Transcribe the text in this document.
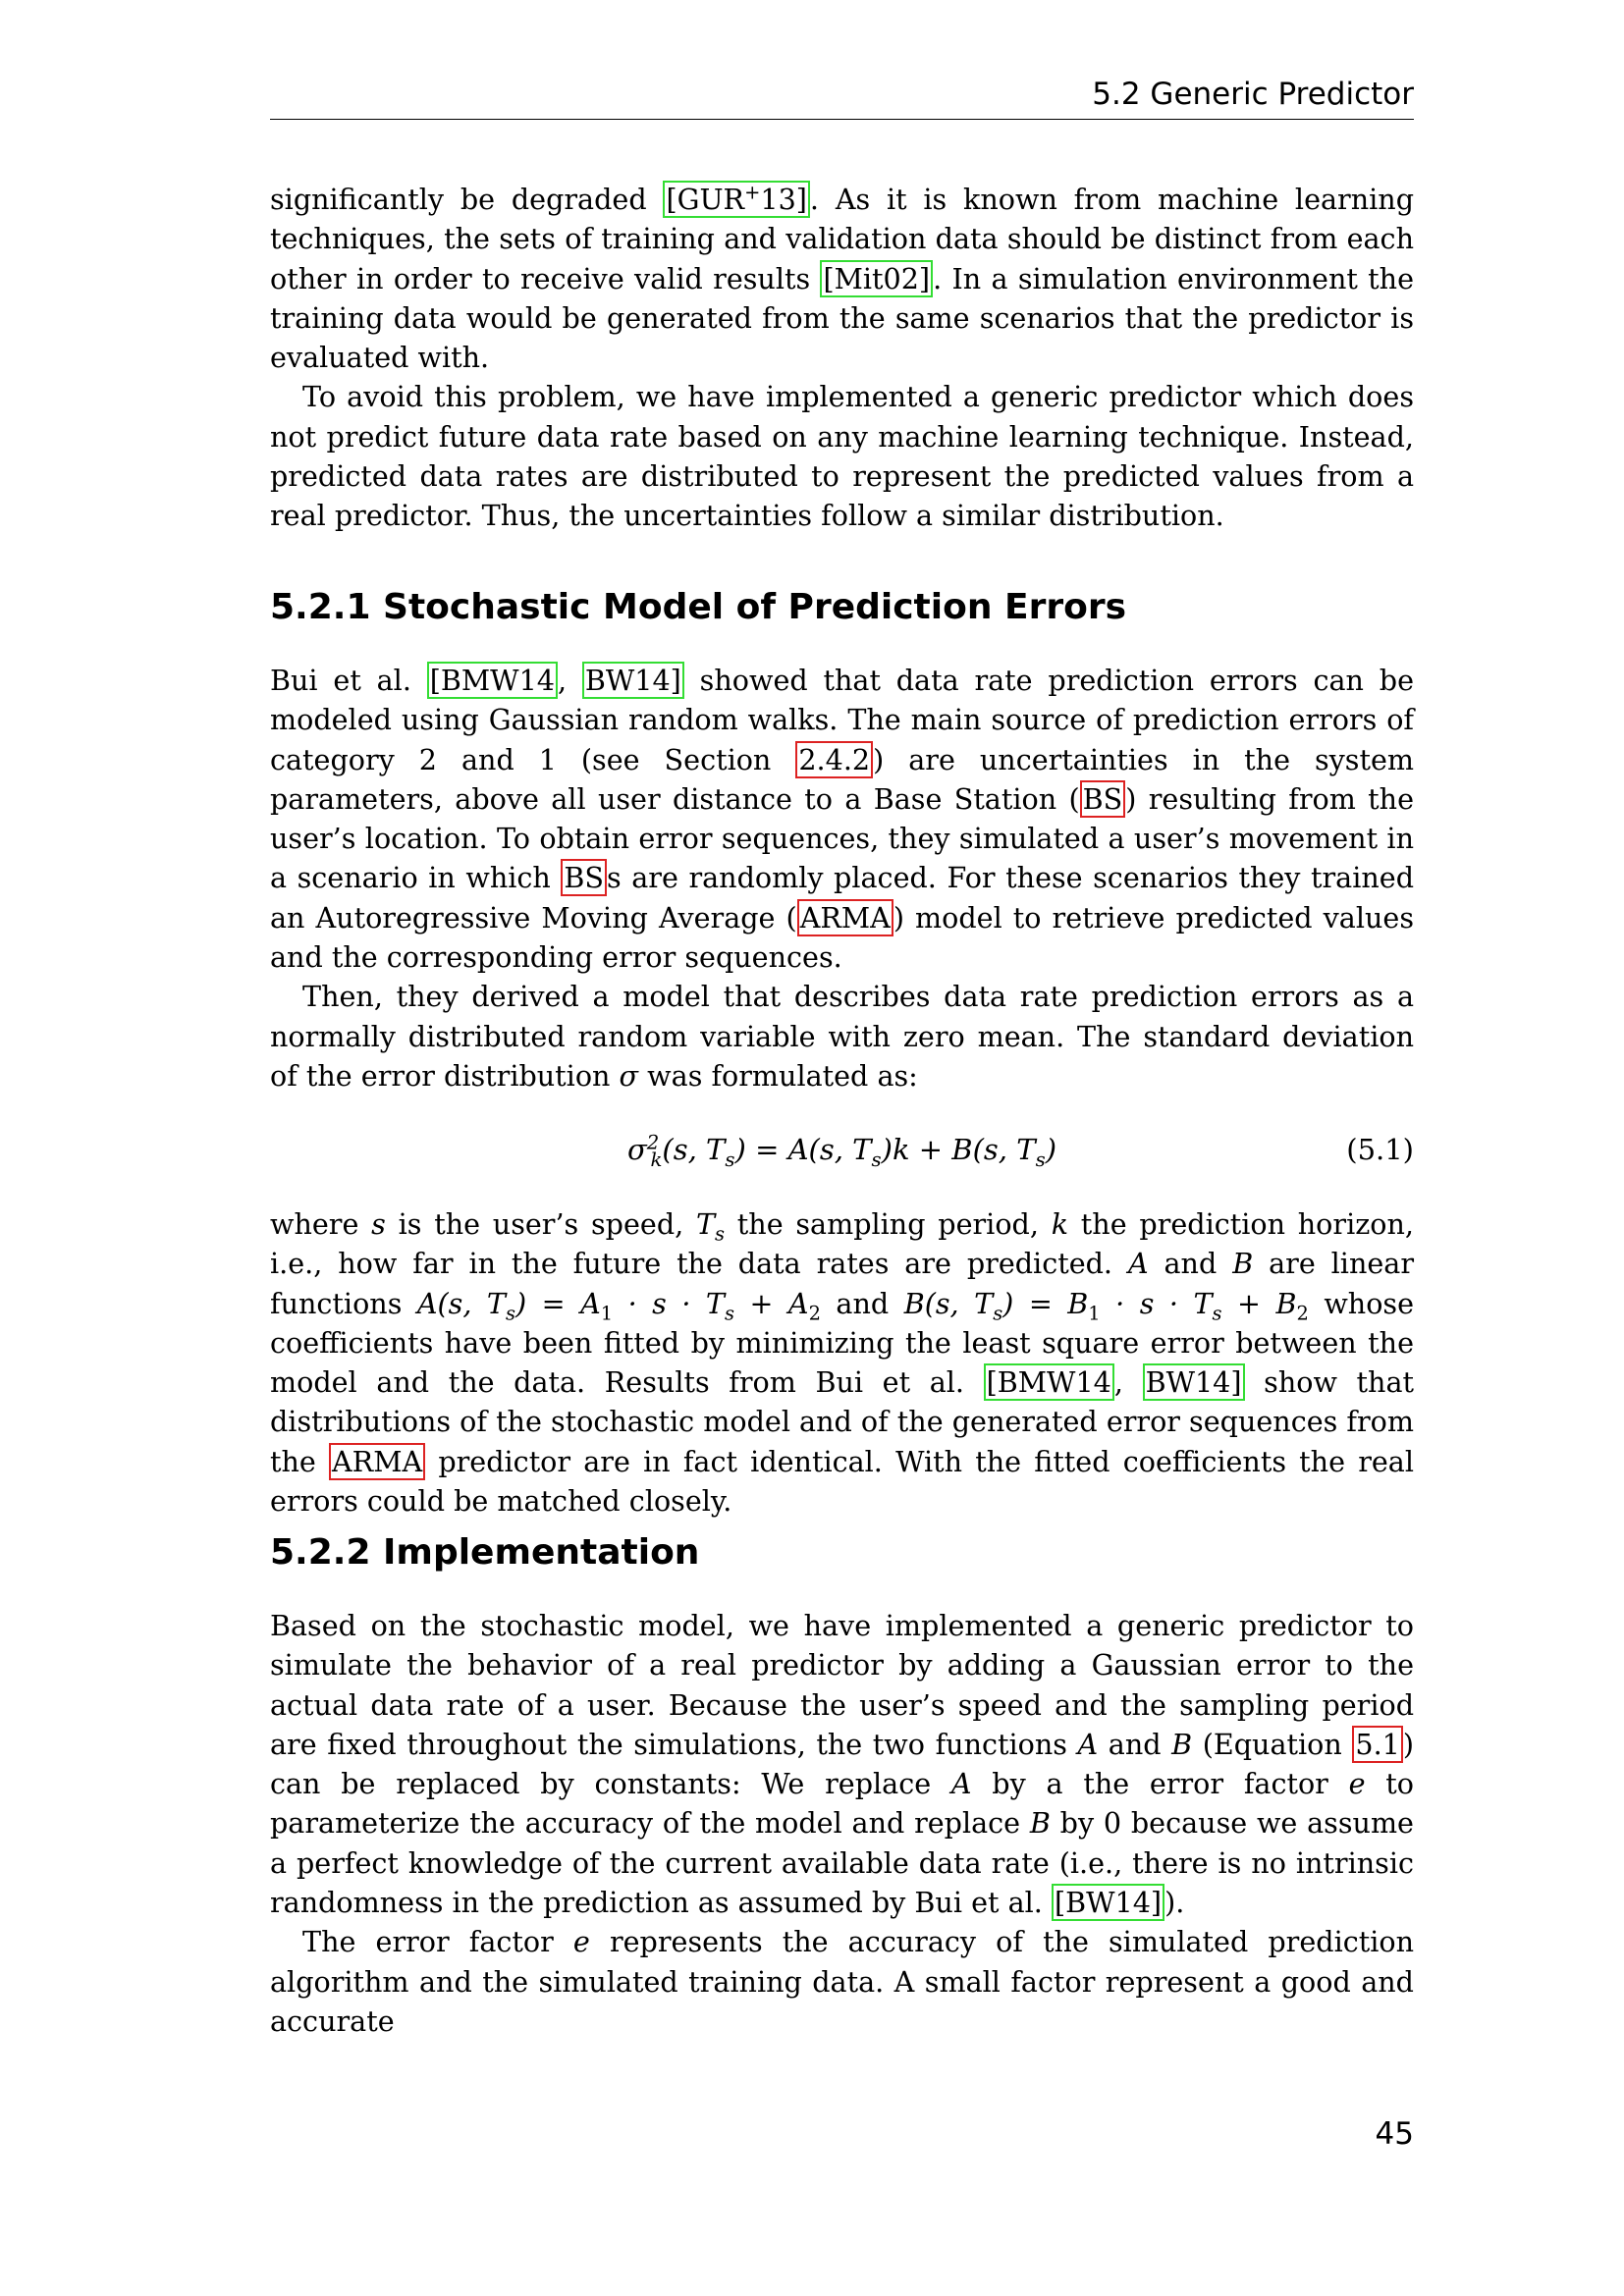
5.2 Generic Predictor

significantly be degraded [GUR+13] . As it is known from machine learning techniques, the sets of training and validation data should be distinct from each other in order to receive valid results [Mit02] . In a simulation environment the training data would be generated from the same scenarios that the predictor is evaluated with.

To avoid this problem, we have implemented a generic predictor which does not predict future data rate based on any machine learning technique. Instead, predicted data rates are distributed to represent the predicted values from a real predictor. Thus, the uncertainties follow a similar distribution.

5.2.1 Stochastic Model of Prediction Errors

Bui et al. [BMW14 , BW14] showed that data rate prediction errors can be modeled using Gaussian random walks. The main source of prediction errors of category 2 and 1 (see Section 2.4.2 ) are uncertainties in the system parameters, above all user distance to a Base Station ( BS ) resulting from the user’s location. To obtain error sequences, they simulated a user’s movement in a scenario in which BS s are randomly placed. For these scenarios they trained an Autoregressive Moving Average ( ARMA ) model to retrieve predicted values and the corresponding error sequences.

Then, they derived a model that describes data rate prediction errors as a normally distributed random variable with zero mean. The standard deviation of the error distribution σ was formulated as:

$\sigma^2_k(s$, $T_s) = A(s$, $T_s)k + B(s$, $T_s$)	(5.1)

where s is the user’s speed, $T_s$ the sampling period, k the prediction horizon, i.e., how far in the future the data rates are predicted. A and B are linear functions A(s, $T_s) = A_1 \cdot s \cdot T_s + A_2$ and B(s, $T_s) = B_1 \cdot s \cdot T_s + B_2$ whose coefficients have been fitted by minimizing the least square error between the model and the data. Results from Bui et al. [BMW14 , BW14] show that distributions of the stochastic model and of the generated error sequences from the ARMA predictor are in fact identical. With the fitted coefficients the real errors could be matched closely.

5.2.2 Implementation

Based on the stochastic model, we have implemented a generic predictor to simulate the behavior of a real predictor by adding a Gaussian error to the actual data rate of a user. Because the user’s speed and the sampling period are fixed throughout the simulations, the two functions A and B (Equation 5.1 ) can be replaced by constants: We replace A by a the error factor e to parameterize the accuracy of the model and replace B by 0 because we assume a perfect knowledge of the current available data rate (i.e., there is no intrinsic randomness in the prediction as assumed by Bui et al. [BW14] ).

The error factor e represents the accuracy of the simulated prediction algorithm and the simulated training data. A small factor represent a good and accurate

45
